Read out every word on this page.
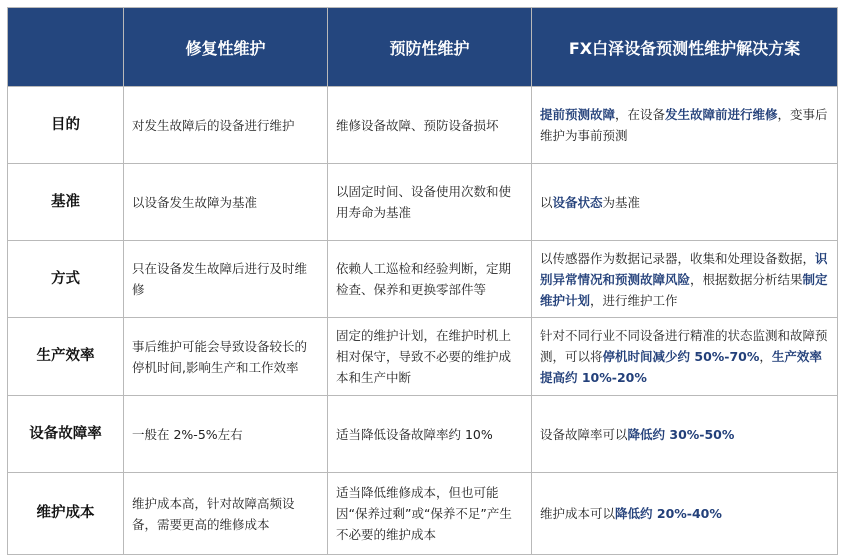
	修复性维护	预防性维护	FX白泽设备预测性维护解决方案
目的	对发生故障后的设备进行维护	维修设备故障、预防设备损坏	提前预测故障，在设备发生故障前进行维修，变事后维护为事前预测
基准	以设备发生故障为基准	以固定时间、设备使用次数和使用寿命为基准	以设备状态为基准
方式	只在设备发生故障后进行及时维修	依赖人工巡检和经验判断，定期检查、保养和更换零部件等	以传感器作为数据记录器，收集和处理设备数据，识别异常情况和预测故障风险，根据数据分析结果制定维护计划，进行维护工作
生产效率	事后维护可能会导致设备较长的停机时间,影响生产和工作效率	固定的维护计划，在维护时机上相对保守，导致不必要的维护成本和生产中断	针对不同行业不同设备进行精准的状态监测和故障预测，可以将停机时间减少约 50%-70%，生产效率提高约 10%-20%
设备故障率	一般在 2%-5%左右	适当降低设备故障率约 10%	设备故障率可以降低约 30%-50%
维护成本	维护成本高，针对故障高频设备，需要更高的维修成本	适当降低维修成本，但也可能因“保养过剩”或“保养不足”产生不必要的维护成本	维护成本可以降低约 20%-40%
